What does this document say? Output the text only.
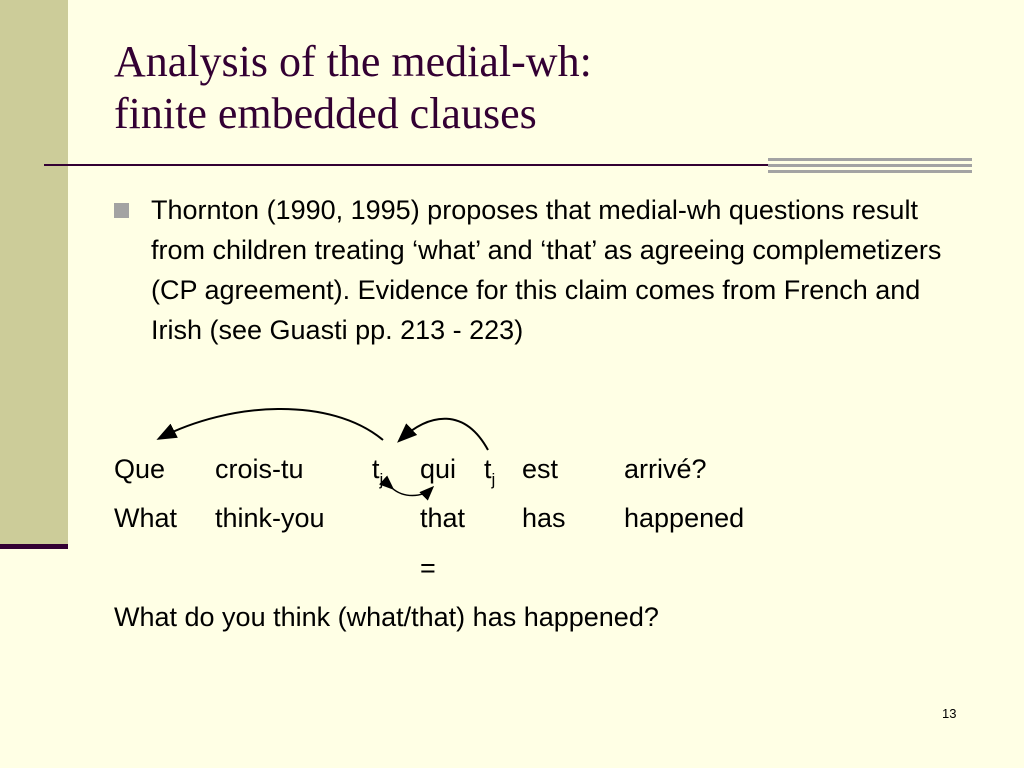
Analysis of the medial-wh:
finite embedded clauses
Thornton (1990, 1995) proposes that medial-wh questions result from children treating ‘what’ and ‘that’ as agreeing complemetizers (CP agreement). Evidence for this claim comes from French and Irish (see Guasti pp. 213 - 223)
Que crois-tu	$t_j$ qui $t_j$ est arrivé?
What think-you	that has happened
=
What do you think (what/that) has happened?
13
